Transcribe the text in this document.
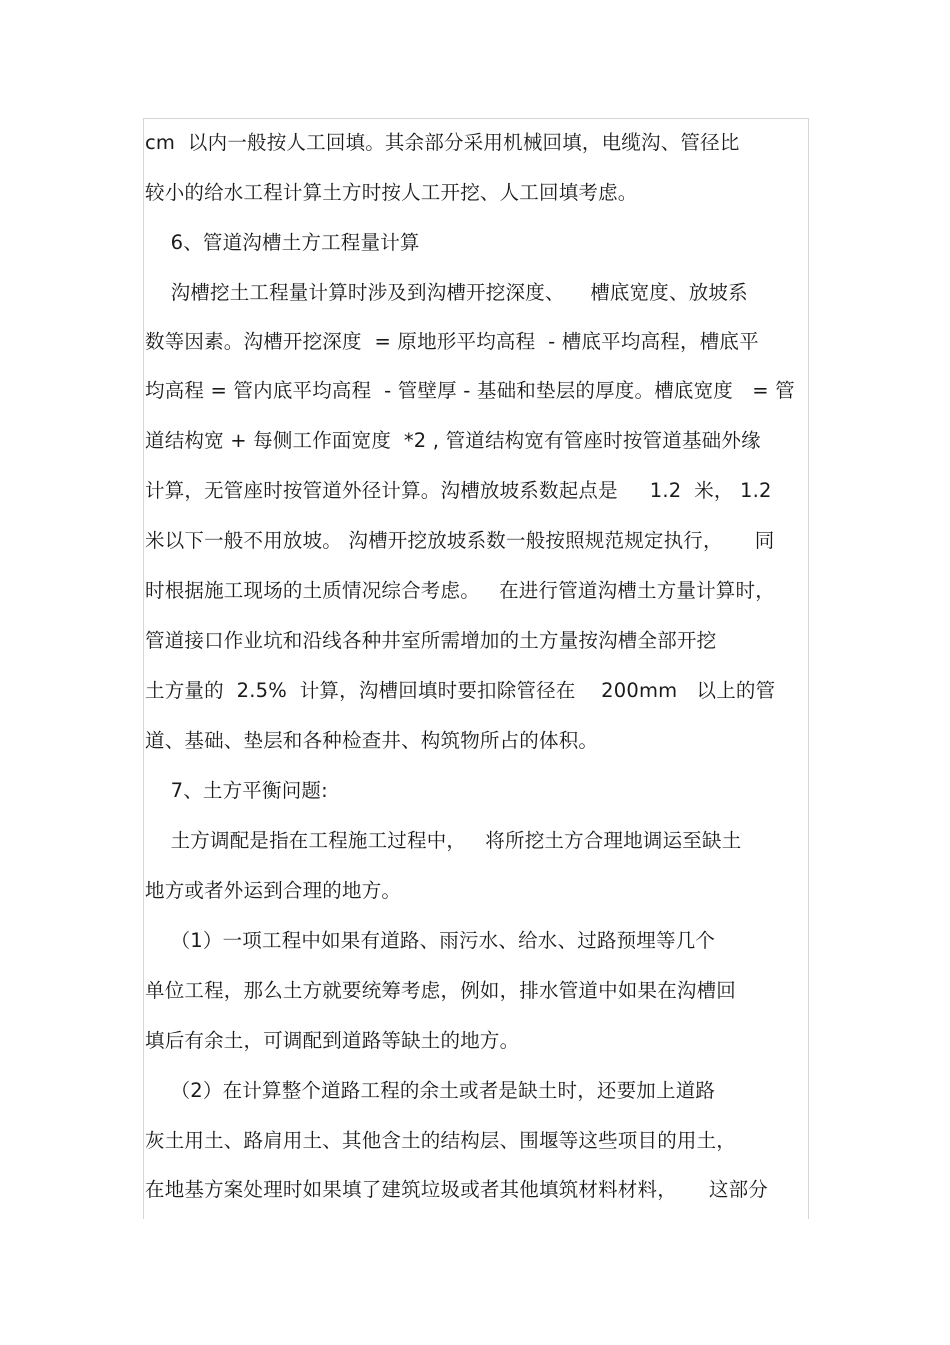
cm  以内一般按人工回填。其余部分采用机械回填，电缆沟、管径比
较小的给水工程计算土方时按人工开挖、人工回填考虑。
6、管道沟槽土方工程量计算
沟槽挖土工程量计算时涉及到沟槽开挖深度、    槽底宽度、放坡系
数等因素。沟槽开挖深度  = 原地形平均高程  - 槽底平均高程，槽底平
均高程 = 管内底平均高程  - 管壁厚 - 基础和垫层的厚度。槽底宽度   = 管
道结构宽 + 每侧工作面宽度  *2 , 管道结构宽有管座时按管道基础外缘
计算，无管座时按管道外径计算。沟槽放坡系数起点是     1.2  米， 1.2
米以下一般不用放坡。 沟槽开挖放坡系数一般按照规范规定执行，     同
时根据施工现场的土质情况综合考虑。   在进行管道沟槽土方量计算时，
管道接口作业坑和沿线各种井室所需增加的土方量按沟槽全部开挖
土方量的  2.5%  计算，沟槽回填时要扣除管径在    200mm   以上的管
道、基础、垫层和各种检查井、构筑物所占的体积。
7、土方平衡问题:
土方调配是指在工程施工过程中，   将所挖土方合理地调运至缺土
地方或者外运到合理的地方。
（1）一项工程中如果有道路、雨污水、给水、过路预埋等几个
单位工程，那么土方就要统筹考虑，例如，排水管道中如果在沟槽回
填后有余土，可调配到道路等缺土的地方。
（2）在计算整个道路工程的余土或者是缺土时，还要加上道路
灰土用土、路肩用土、其他含土的结构层、围堰等这些项目的用土，
在地基方案处理时如果填了建筑垃圾或者其他填筑材料材料，     这部分
